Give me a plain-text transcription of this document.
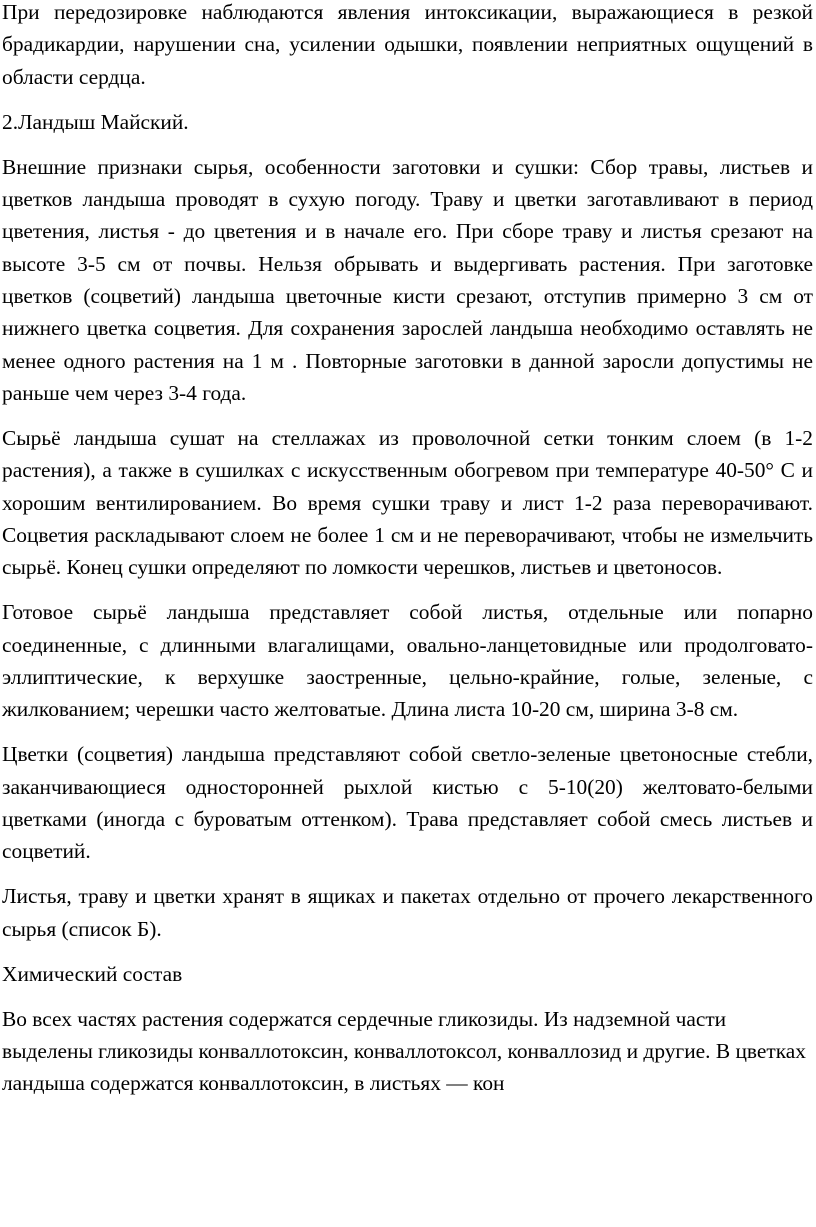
При передозировке наблюдаются явления интоксикации, выражающиеся в резкой брадикардии, нарушении сна, усилении одышки, появлении неприятных ощущений в области сердца.

2.Ландыш Майский.

Внешние признаки сырья, особенности заготовки и сушки: Сбор травы, листьев и цветков ландыша проводят в сухую погоду. Траву и цветки заготавливают в период цветения, листья - до цветения и в начале его. При сборе траву и листья срезают на высоте 3-5 см от почвы. Нельзя обрывать и выдергивать растения. При заготовке цветков (соцветий) ландыша цветочные кисти срезают, отступив примерно 3 см от нижнего цветка соцветия. Для сохранения зарослей ландыша необходимо оставлять не менее одного растения на 1 м . Повторные заготовки в данной заросли допустимы не раньше чем через 3-4 года.

Сырьё ландыша сушат на стеллажах из проволочной сетки тонким слоем (в 1-2 растения), а также в сушилках с искусственным обогревом при температуре 40-50° С и хорошим вентилированием. Во время сушки траву и лист 1-2 раза переворачивают. Соцветия раскладывают слоем не более 1 см и не переворачивают, чтобы не измельчить сырьё. Конец сушки определяют по ломкости черешков, листьев и цветоносов.

Готовое сырьё ландыша представляет собой листья, отдельные или попарно соединенные, с длинными влагалищами, овально-ланцетовидные или продолговато-эллиптические, к верхушке заостренные, цельно-крайние, голые, зеленые, с жилкованием; черешки часто желтоватые. Длина листа 10-20 см, ширина 3-8 см.

Цветки (соцветия) ландыша представляют собой светло-зеленые цветоносные стебли, заканчивающиеся односторонней рыхлой кистью с 5-10(20) желтовато-белыми цветками (иногда с буроватым оттенком). Трава представляет собой смесь листьев и соцветий.

Листья, траву и цветки хранят в ящиках и пакетах отдельно от прочего лекарственного сырья (список Б).

Химический состав

Во всех частях растения содержатся сердечные гликозиды. Из надземной части выделены гликозиды конваллотоксин, конваллотоксол, конваллозид и другие. В цветках ландыша содержатся конваллотоксин, в листьях — кон
